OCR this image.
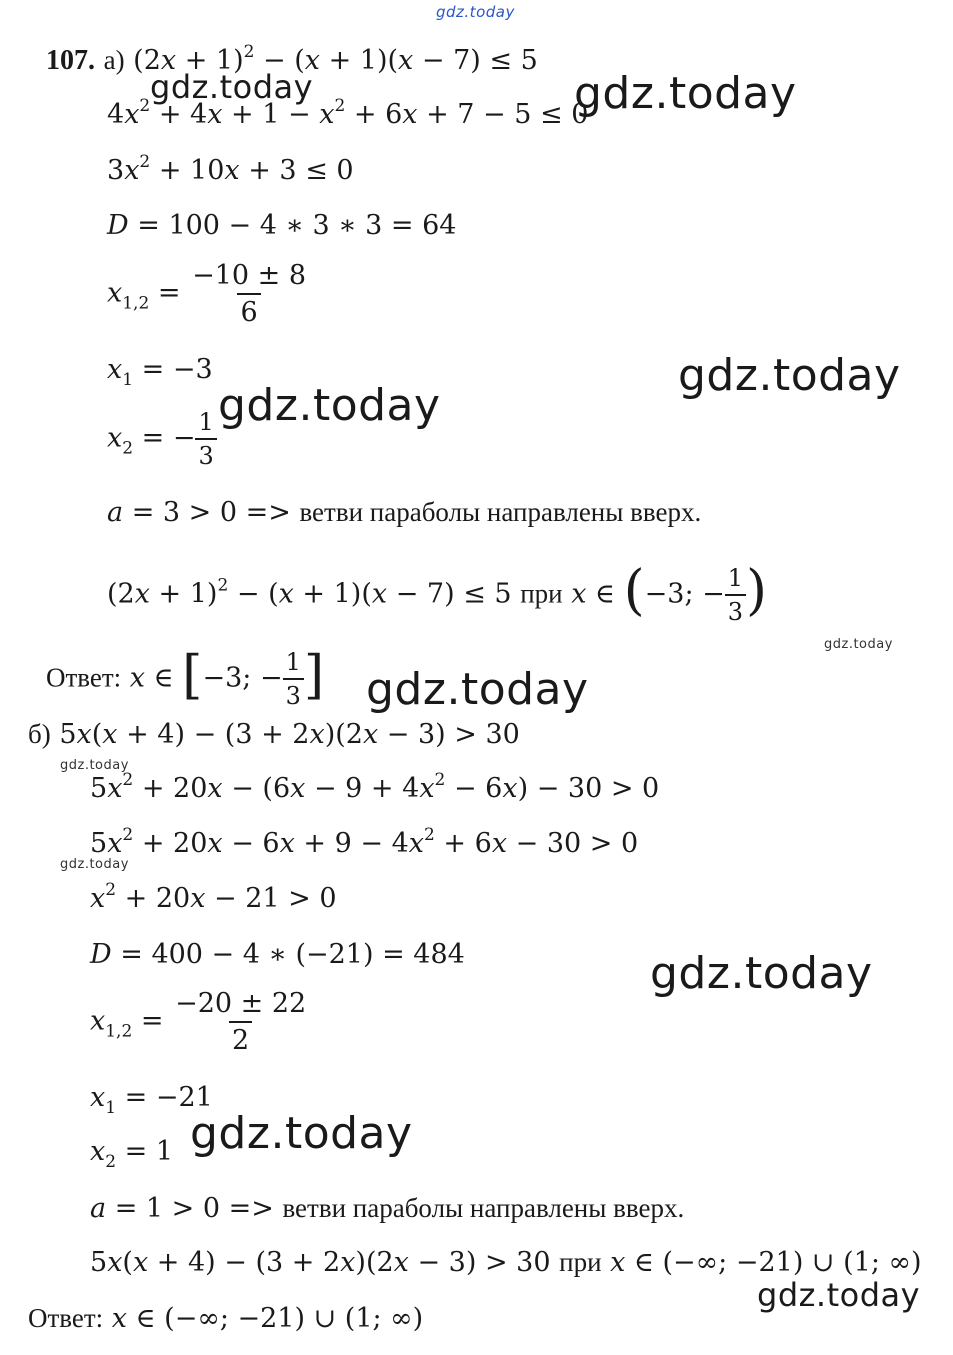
gdz.today
gdz.today	gdz.today
gdz.today
gdz.today
gdz.today
gdz.today
gdz.today
gdz.today
gdz.today
gdz.today
gdz.today
107. а) $(2x + 1)^2 - (x + 1)(x - 7) \le 5$
$4x^2 + 4x + 1 - x^2 + 6x + 7 - 5 \le 0$
$3x^2 + 10x + 3 \le 0$
D = 100 − 4 ∗ 3 ∗ 3 = 64
$x_{1,2} = \frac{-10 \pm 8}{6}$
$x_1 = -3$
$x_2$ = − $\frac{1}{3}$
a = 3 > 0 => ветви параболы направлены вверх.
$(2x + 1)^2 - (x + 1)(x - 7) \le 5$ при x ∈ (−3; − $\frac{1}{3}$ )
Ответ: x ∈ [−3; − $\frac{1}{3}$ ]
б) 5x(x + 4) − (3 + 2x)(2x − 3) > 30
$5x^2 + 20x - (6x - 9 + 4x^2 - 6x) - 30 > 0$
$5x^2 + 20x - 6x + 9 - 4x^2 + 6x - 30 > 0$
$x^2 + 20x - 21 > 0$
D = 400 − 4 ∗ (−21) = 484
$x_{1,2} = \frac{-20 \pm 22}{2}$
$x_1 = -21$
$x_2 = 1$
a = 1 > 0 => ветви параболы направлены вверх.
5x(x + 4) − (3 + 2x)(2x − 3) > 30 при x ∈ (−∞; −21) ∪ (1; ∞)
Ответ: x ∈ (−∞; −21) ∪ (1; ∞)
